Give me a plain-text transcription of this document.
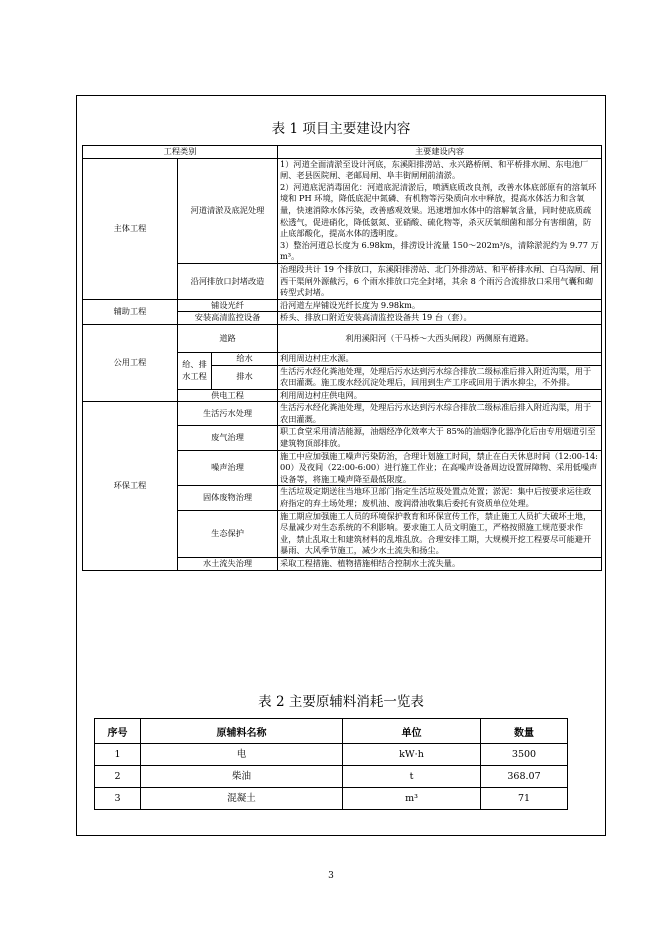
表 1 项目主要建设内容
工程类别			主要建设内容
主体工程	河道清淤及底泥处理		1）河道全面清淤至设计河底，东溪阳排涝站、永兴路桥闸、和平桥排水闸、东电池厂闸、老县医院闸、老邮局闸、阜丰街闸闸前清淤。
2）河道底泥消毒固化：河道底泥清淤后，喷洒底质改良剂，改善水体底部原有的溶氧环境和 PH 环境，降低底泥中氮磷、有机物等污染质向水中释放，提高水体活力和含氧量，快速消除水体污染，改善感观效果。迅速增加水体中的溶解氧含量，同时使底质疏松透气，促进硝化，降低氨氮、亚硝酸、硫化物等，杀灭厌氧细菌和部分有害细菌，防止底部酸化，提高水体的透明度。
3）整治河道总长度为 6.98km，排涝设计流量 150～202m³/s，清除淤泥约为 9.77 万 m³。

	沿河排放口封堵改造		治理段共计 19 个排放口，东溪阳排涝站、北门外排涝站、和平桥排水闸、白马沟闸、闸西干渠闸外源截污，6 个雨水排放口完全封堵，其余 8 个雨污合流排放口采用气囊和砌砖型式封堵。
辅助工程	铺设光纤		沿河道左岸铺设光纤长度为 9.98km。
	安装高清监控设备		桥头、排放口附近安装高清监控设备共 19 台（套）。
公用工程	道路		利用溪阳河（干马桥～大西头闸段）两侧原有道路。
	给、排水工程	给水	利用周边村庄水源。
		排水	生活污水经化粪池处理，处理后污水达到污水综合排放二级标准后排入附近沟渠，用于农田灌溉。施工废水经沉淀处理后，回用到生产工序或回用于洒水抑尘，不外排。
	供电工程		利用周边村庄供电网。
环保工程	生活污水处理		生活污水经化粪池处理，处理后污水达到污水综合排放二级标准后排入附近沟渠，用于农田灌溉。
	废气治理		职工食堂采用清洁能源，油烟经净化效率大于 85%的油烟净化器净化后由专用烟道引至建筑物顶部排放。
	噪声治理		施工中应加强施工噪声污染防治，合理计划施工时间，禁止在白天休息时间（12:00-14:00）及夜间（22:00-6:00）进行施工作业；在高噪声设备周边设置屏障物、采用低噪声设备等，将施工噪声降至最低限度。
	固体废物治理		生活垃圾定期送往当地环卫部门指定生活垃圾处置点处置；淤泥：集中后按要求运往政府指定的弃土场处理；废机油、废润滑油收集后委托有资质单位处理。
	生态保护		施工期应加强施工人员的环境保护教育和环保宣传工作，禁止施工人员扩大破坏土地，尽量减少对生态系统的不利影响。要求施工人员文明施工，严格按照施工规范要求作业，禁止乱取土和建筑材料的乱堆乱放。合理安排工期，大规模开挖工程要尽可能避开暴雨、大风季节施工，减少水土流失和扬尘。
	水土流失治理		采取工程措施、植物措施相结合控制水土流失量。
表 2 主要原辅料消耗一览表
序号	原辅料名称	单位	数量
1	电	kW·h	3500
2	柴油	t	368.07
3	混凝土	m³	71
3
